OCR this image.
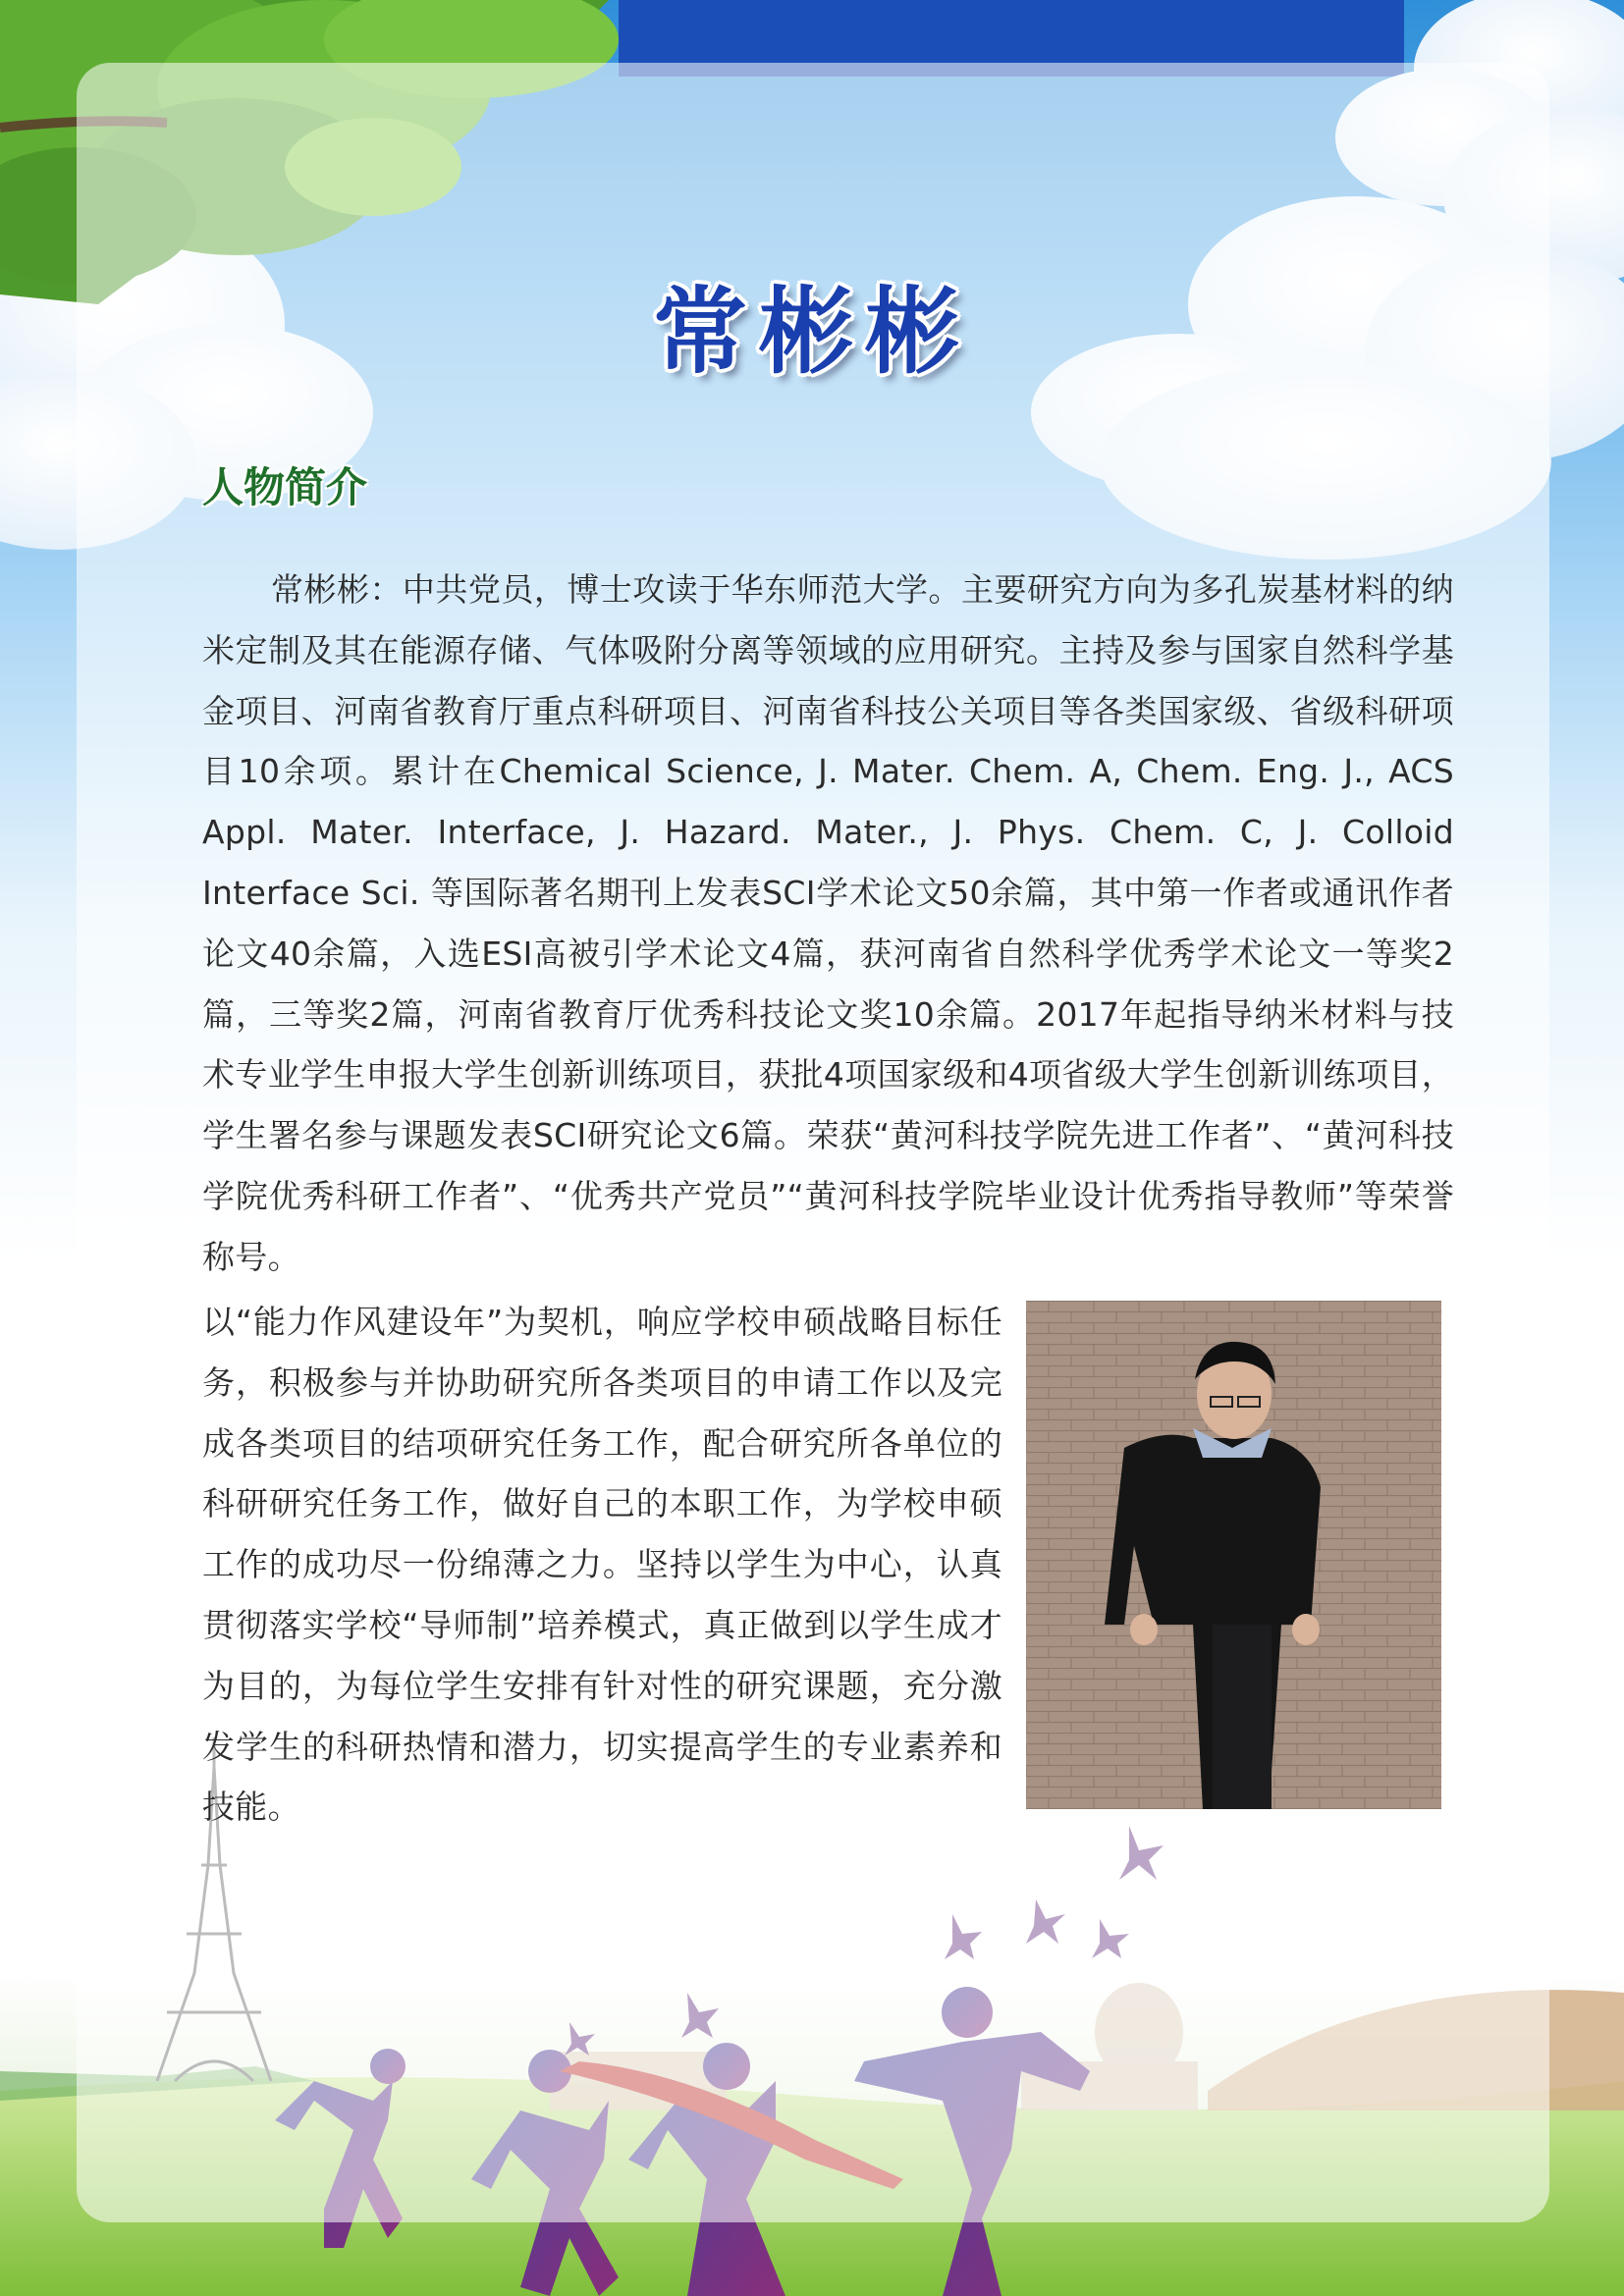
常彬彬
人物简介

常彬彬：中共党员，博士攻读于华东师范大学。主要研究方向为多孔炭基材料的纳米定制及其在能源存储、气体吸附分离等领域的应用研究。主持及参与国家自然科学基金项目、河南省教育厅重点科研项目、河南省科技公关项目等各类国家级、省级科研项目10余项。累计在Chemical Science, J. Mater. Chem. A, Chem. Eng. J., ACS Appl. Mater. Interface, J. Hazard. Mater., J. Phys. Chem. C, J. Colloid Interface Sci. 等国际著名期刊上发表SCI学术论文50余篇，其中第一作者或通讯作者论文40余篇，入选ESI高被引学术论文4篇，获河南省自然科学优秀学术论文一等奖2篇，三等奖2篇，河南省教育厅优秀科技论文奖10余篇。2017年起指导纳米材料与技术专业学生申报大学生创新训练项目，获批4项国家级和4项省级大学生创新训练项目，学生署名参与课题发表SCI研究论文6篇。荣获“黄河科技学院先进工作者”、“黄河科技学院优秀科研工作者”、“优秀共产党员”“黄河科技学院毕业设计优秀指导教师”等荣誉称号。

以“能力作风建设年”为契机，响应学校申硕战略目标任务，积极参与并协助研究所各类项目的申请工作以及完成各类项目的结项研究任务工作，配合研究所各单位的科研研究任务工作，做好自己的本职工作，为学校申硕工作的成功尽一份绵薄之力。坚持以学生为中心，认真贯彻落实学校“导师制”培养模式，真正做到以学生成才为目的，为每位学生安排有针对性的研究课题，充分激发学生的科研热情和潜力，切实提高学生的专业素养和技能。
